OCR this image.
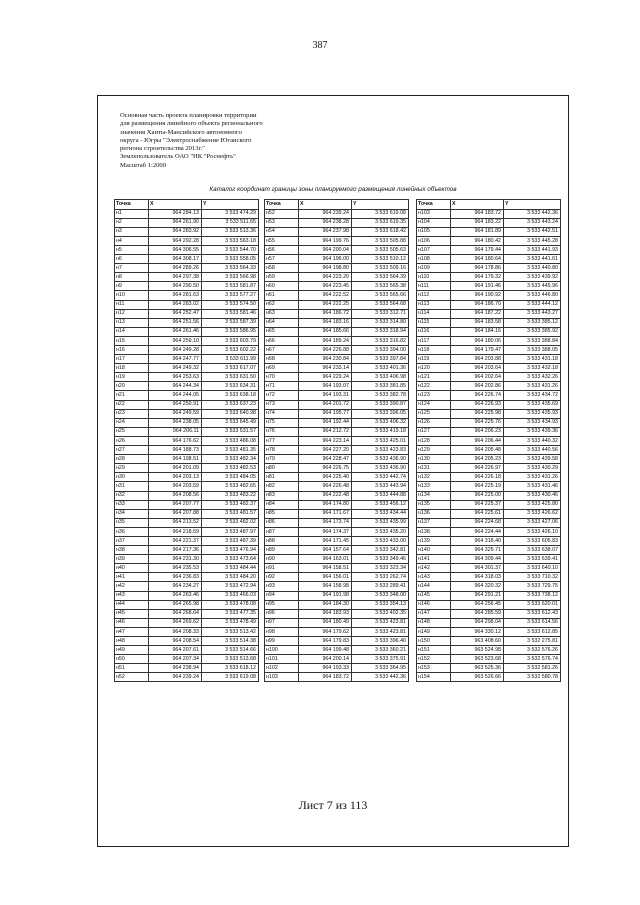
387
Основная часть проекта планировки территории
для размещения линейного объекта регионального
значения Ханты-Мансийского автономного
округа - Югры "Электроснабжение Юганского
региона строительства 2013г."
Землепользователь ОАО "НК "Роснефть"
Масштаб 1:2000
Каталог координат границы зоны планируемого размещения линейных объектов
Точка	X	Y
н1	964 284.13	3 533 474.29
н2	964 261.90	3 533 511.65
н3	964 283.92	3 533 513.36
н4	964 292.28	3 533 563.18
н5	964 306.55	3 533 544.70
н6	964 308.17	3 533 558.05
н7	964 289.26	3 533 564.33
н8	964 297.38	3 533 566.98
н9	964 290.50	3 533 581.87
н10	964 281.63	3 533 577.27
н11	964 283.02	3 533 574.50
н12	964 252.47	3 533 581.46
н13	964 251.56	3 533 587.39
н14	964 261.46	3 533 586.95
н15	964 259.10	3 533 603.79
н16	964 249.28	3 533 602.22
н17	964 247.77	3 533 611.99
н18	964 249.32	3 533 617.07
н19	964 253.63	3 533 631.50
н20	964 244.34	3 533 634.31
н21	964 244.05	3 533 638.18
н22	964 250.91	3 533 637.23
н23	964 249.59	3 533 640.98
н24	964 238.05	3 533 645.49
н25	964 206.11	3 533 531.57
н26	964 176.62	3 533 486.08
н27	964 188.73	3 533 481.35
н28	964 198.51	3 533 482.34
н29	964 201.09	3 533 482.53
н30	964 203.13	3 533 484.05
н31	964 203.59	3 533 482.65
н32	964 208.56	3 533 483.22
н33	964 207.77	3 533 482.37
н34	964 207.88	3 533 481.57
н35	964 213.52	3 533 482.02
н36	964 218.59	3 533 487.97
н37	964 221.37	3 533 487.39
н38	964 217.36	3 533 476.94
н39	964 231.30	3 533 473.64
н40	964 235.53	3 533 484.44
н41	964 236.83	3 533 484.20
н42	964 234.27	3 533 472.94
н43	964 263.46	3 533 466.03
н44	964 265.98	3 533 478.08
н45	964 268.64	3 533 477.35
н46	964 269.62	3 533 478.49
н47	964 208.33	3 533 513.42
н48	964 208.54	3 533 514.38
н49	964 207.61	3 533 514.66
н50	964 207.34	3 533 513.68
н51	964 238.94	3 533 618.12
н52	964 239.24	3 533 619.08
Точка	X	Y
н52	964 239.24	3 533 619.08
н53	964 238.28	3 533 619.35
н54	964 237.98	3 533 618.42
н55	964 199.76	3 533 505.88
н56	964 200.04	3 533 505.63
н57	964 196.00	3 533 510.12
н58	964 198.80	3 533 509.16
н59	964 223.20	3 533 564.39
н60	964 223.45	3 533 565.38
н61	964 222.52	3 533 565.66
н62	964 222.25	3 533 564.68
н63	964 186.72	3 533 312.71
н64	964 183.16	3 533 314.80
н65	964 185.66	3 533 318.94
н66	964 189.24	3 533 316.82
н67	964 226.88	3 533 394.00
н68	964 230.84	3 533 397.84
н69	964 233.14	3 533 401.36
н70	964 229.24	3 533 406.98
н71	964 193.07	3 533 381.85
н72	964 193.31	3 533 382.78
н73	964 201.72	3 533 390.87
н74	964 195.77	3 533 396.05
н75	964 192.44	3 533 406.32
н76	964 212.72	3 533 419.18
н77	964 223.14	3 533 425.01
н78	964 227.20	3 533 423.83
н79	964 228.47	3 533 436.90
н80	964 226.75	3 533 436.90
н81	964 225.40	3 533 442.74
н82	964 226.48	3 533 443.94
н83	964 222.48	3 533 444.88
н84	964 174.80	3 533 456.12
н85	964 171.67	3 533 434.44
н86	964 173.74	3 533 435.99
н87	964 174.37	3 533 435.20
н88	964 171.45	3 533 433.00
н89	964 157.64	3 533 342.81
н90	964 163.01	3 533 349.46
н91	964 158.51	3 533 323.34
н92	964 156.01	3 533 262.74
н93	964 158.98	3 533 289.41
н94	964 191.98	3 533 348.00
н95	964 184.30	3 533 354.13
н96	964 183.93	3 533 402.35
н97	964 180.49	3 533 423.81
н98	964 179.62	3 533 423.81
н99	964 179.83	3 533 396.40
н100	964 199.48	3 533 360.21
н101	964 200.14	3 533 375.91
н102	964 193.33	3 533 364.95
н103	964 183.72	3 533 442.36
Точка	X	Y
н103	964 183.72	3 533 442.36
н104	964 183.22	3 533 443.24
н105	964 181.89	3 533 442.51
н106	964 180.42	3 533 445.28
н107	964 179.44	3 533 441.93
н108	964 180.64	3 533 441.61
н109	964 178.86	3 533 440.80
н110	964 179.32	3 533 439.92
н111	964 191.46	3 533 445.96
н112	964 190.92	3 533 446.80
н113	964 186.70	3 533 444.12
н114	964 187.22	3 533 443.27
н115	964 183.58	3 533 385.12
н116	964 184.16	3 533 385.92
н117	964 180.06	3 533 388.84
н118	964 179.47	3 533 388.05
н119	964 203.88	3 533 431.18
н120	964 203.64	3 533 432.18
н121	964 202.64	3 533 432.26
н122	964 202.86	3 533 431.26
н123	964 226.74	3 533 434.72
н124	964 226.93	3 533 435.69
н125	964 225.98	3 533 435.93
н126	964 225.76	3 533 434.93
н127	964 206.23	3 533 439.36
н128	964 206.44	3 533 440.32
н129	964 205.48	3 533 440.56
н130	964 205.23	3 533 439.58
н131	964 226.97	3 533 430.29
н132	964 226.18	3 533 431.26
н133	964 225.19	3 533 431.46
н134	964 225.00	3 533 430.46
н135	964 225.37	3 533 425.80
н136	964 225.61	3 533 426.62
н137	964 224.68	3 533 427.06
н138	964 224.44	3 533 426.10
н139	964 318.40	3 533 605.83
н140	964 325.71	3 533 638.07
н141	964 309.44	3 533 639.41
н142	964 301.37	3 533 640.10
н143	964 318.03	3 533 710.32
н144	964 320.32	3 533 729.75
н145	964 291.21	3 533 738.12
н146	964 256.45	3 533 620.01
н147	964 285.59	3 533 612.43
н148	964 298.04	3 533 614.56
н149	964 330.12	3 533 612.85
н150	963 408.60	3 532 275.81
н151	963 524.98	3 532 576.26
н152	963 523.68	3 532 576.74
н153	963 525.36	3 532 581.26
н154	963 526.66	3 532 580.78
Лист 7 из 113
